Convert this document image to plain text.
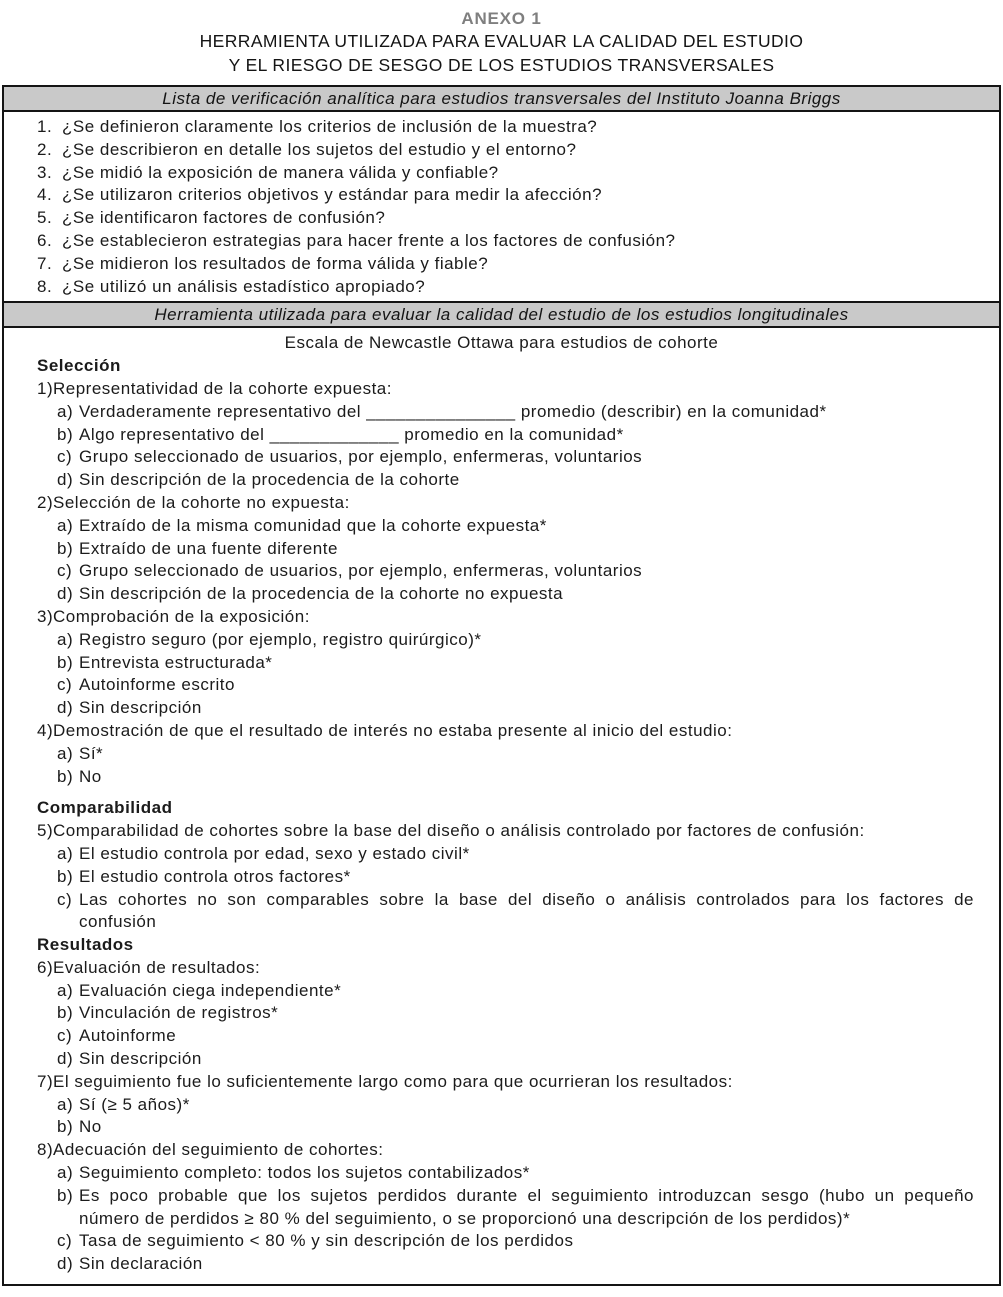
ANEXO 1
HERRAMIENTA UTILIZADA PARA EVALUAR LA CALIDAD DEL ESTUDIO
Y EL RIESGO DE SESGO DE LOS ESTUDIOS TRANSVERSALES
Lista de verificación analítica para estudios transversales del Instituto Joanna Briggs
1. ¿Se definieron claramente los criterios de inclusión de la muestra?
2. ¿Se describieron en detalle los sujetos del estudio y el entorno?
3. ¿Se midió la exposición de manera válida y confiable?
4. ¿Se utilizaron criterios objetivos y estándar para medir la afección?
5. ¿Se identificaron factores de confusión?
6. ¿Se establecieron estrategias para hacer frente a los factores de confusión?
7. ¿Se midieron los resultados de forma válida y fiable?
8. ¿Se utilizó un análisis estadístico apropiado?
Herramienta utilizada para evaluar la calidad del estudio de los estudios longitudinales
Escala de Newcastle Ottawa para estudios de cohorte
Selección
1) Representatividad de la cohorte expuesta:
a) Verdaderamente representativo del _______________ promedio (describir) en la comunidad*
b) Algo representativo del _____________ promedio en la comunidad*
c) Grupo seleccionado de usuarios, por ejemplo, enfermeras, voluntarios
d) Sin descripción de la procedencia de la cohorte
2) Selección de la cohorte no expuesta:
a) Extraído de la misma comunidad que la cohorte expuesta*
b) Extraído de una fuente diferente
c) Grupo seleccionado de usuarios, por ejemplo, enfermeras, voluntarios
d) Sin descripción de la procedencia de la cohorte no expuesta
3) Comprobación de la exposición:
a) Registro seguro (por ejemplo, registro quirúrgico)*
b) Entrevista estructurada*
c) Autoinforme escrito
d) Sin descripción
4) Demostración de que el resultado de interés no estaba presente al inicio del estudio:
a) Sí*
b) No
Comparabilidad
5) Comparabilidad de cohortes sobre la base del diseño o análisis controlado por factores de confusión:
a) El estudio controla por edad, sexo y estado civil*
b) El estudio controla otros factores*
c) Las cohortes no son comparables sobre la base del diseño o análisis controlados para los factores de confusión
Resultados
6) Evaluación de resultados:
a) Evaluación ciega independiente*
b) Vinculación de registros*
c) Autoinforme
d) Sin descripción
7) El seguimiento fue lo suficientemente largo como para que ocurrieran los resultados:
a) Sí (≥ 5 años)*
b) No
8) Adecuación del seguimiento de cohortes:
a) Seguimiento completo: todos los sujetos contabilizados*
b) Es poco probable que los sujetos perdidos durante el seguimiento introduzcan sesgo (hubo un pequeño número de perdidos ≥ 80 % del seguimiento, o se proporcionó una descripción de los perdidos)*
c) Tasa de seguimiento < 80 % y sin descripción de los perdidos
d) Sin declaración
